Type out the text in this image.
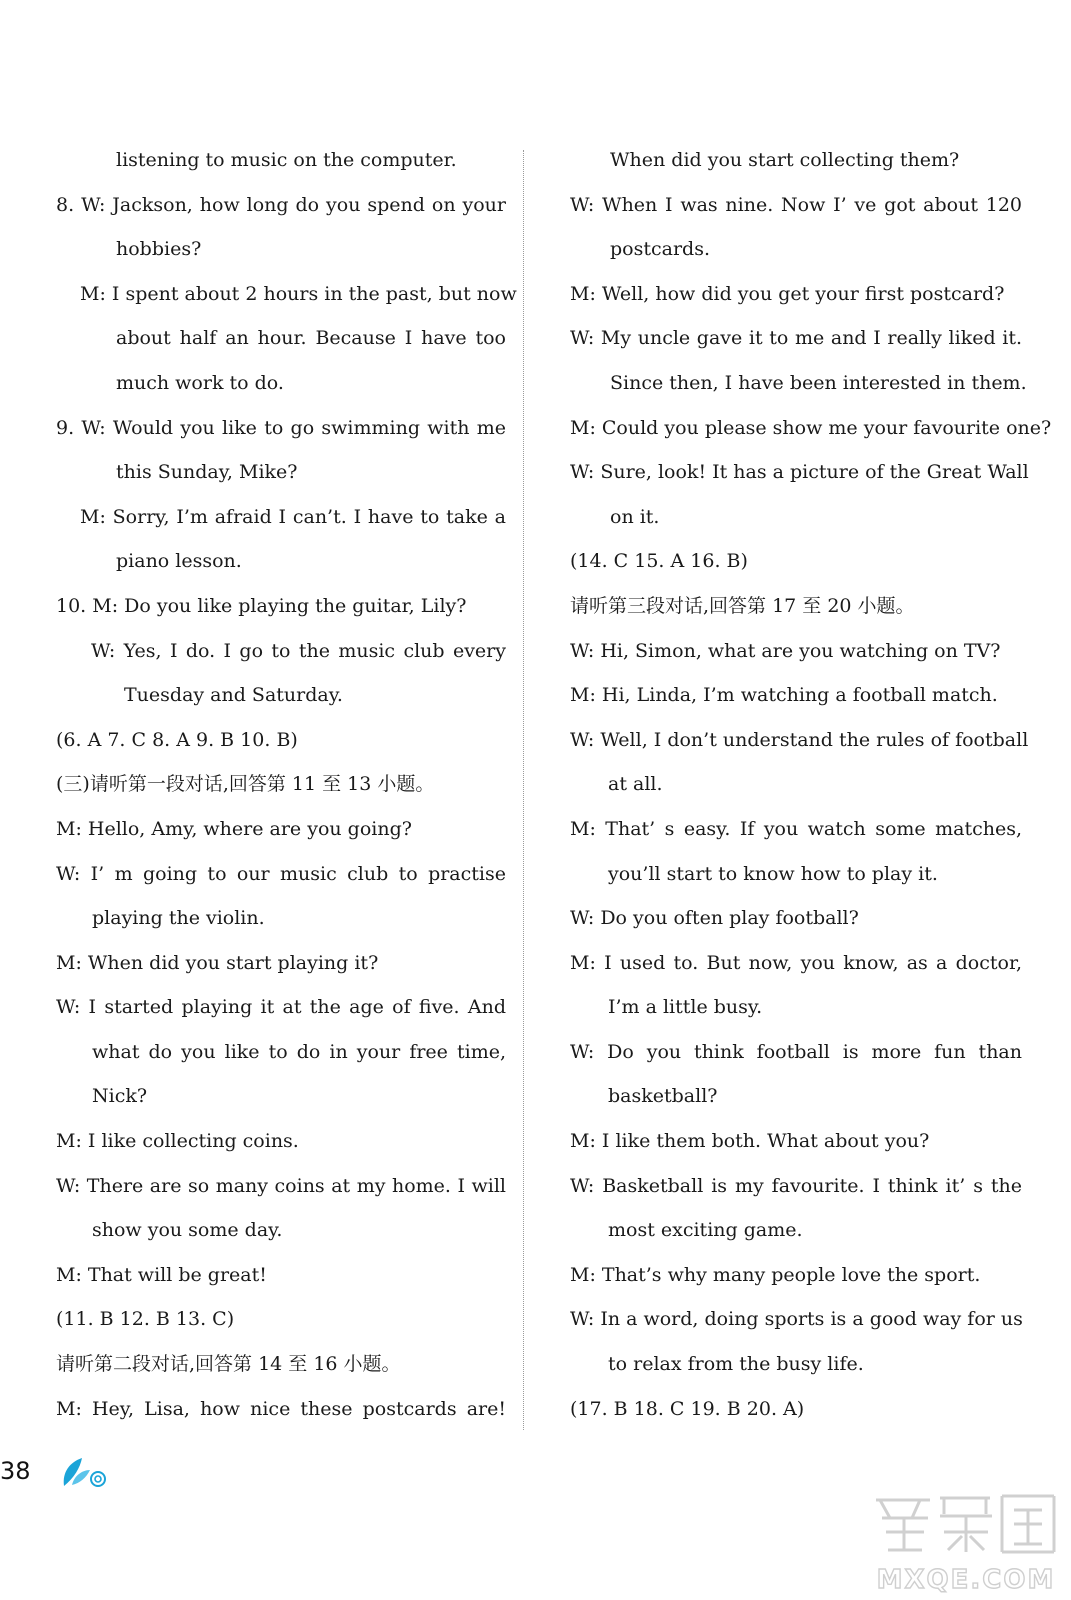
listening to music on the computer.
8. W: Jackson, how long do you spend on your
hobbies?
M: I spent about 2 hours in the past, but now
about half an hour. Because I have too
much work to do.
9. W: Would you like to go swimming with me
this Sunday, Mike?
M: Sorry, I’m afraid I can’t. I have to take a
piano lesson.
10. M: Do you like playing the guitar, Lily?
W: Yes, I do. I go to the music club every
Tuesday and Saturday.
(6. A 7. C 8. A 9. B 10. B)
(三)请听第一段对话,回答第 11 至 13 小题。
M: Hello, Amy, where are you going?
W: I’ m going to our music club to practise
playing the violin.
M: When did you start playing it?
W: I started playing it at the age of five. And
what do you like to do in your free time,
Nick?
M: I like collecting coins.
W: There are so many coins at my home. I will
show you some day.
M: That will be great!
(11. B 12. B 13. C)
请听第二段对话,回答第 14 至 16 小题。
M: Hey, Lisa, how nice these postcards are!
When did you start collecting them?
W: When I was nine. Now I’ ve got about 120
postcards.
M: Well, how did you get your first postcard?
W: My uncle gave it to me and I really liked it.
Since then, I have been interested in them.
M: Could you please show me your favourite one?
W: Sure, look! It has a picture of the Great Wall
on it.
(14. C 15. A 16. B)
请听第三段对话,回答第 17 至 20 小题。
W: Hi, Simon, what are you watching on TV?
M: Hi, Linda, I’m watching a football match.
W: Well, I don’t understand the rules of football
at all.
M: That’ s easy. If you watch some matches,
you’ll start to know how to play it.
W: Do you often play football?
M: I used to. But now, you know, as a doctor,
I’m a little busy.
W: Do you think football is more fun than
basketball?
M: I like them both. What about you?
W: Basketball is my favourite. I think it’ s the
most exciting game.
M: That’s why many people love the sport.
W: In a word, doing sports is a good way for us
to relax from the busy life.
(17. B 18. C 19. B 20. A)
38
MXQE.COM
